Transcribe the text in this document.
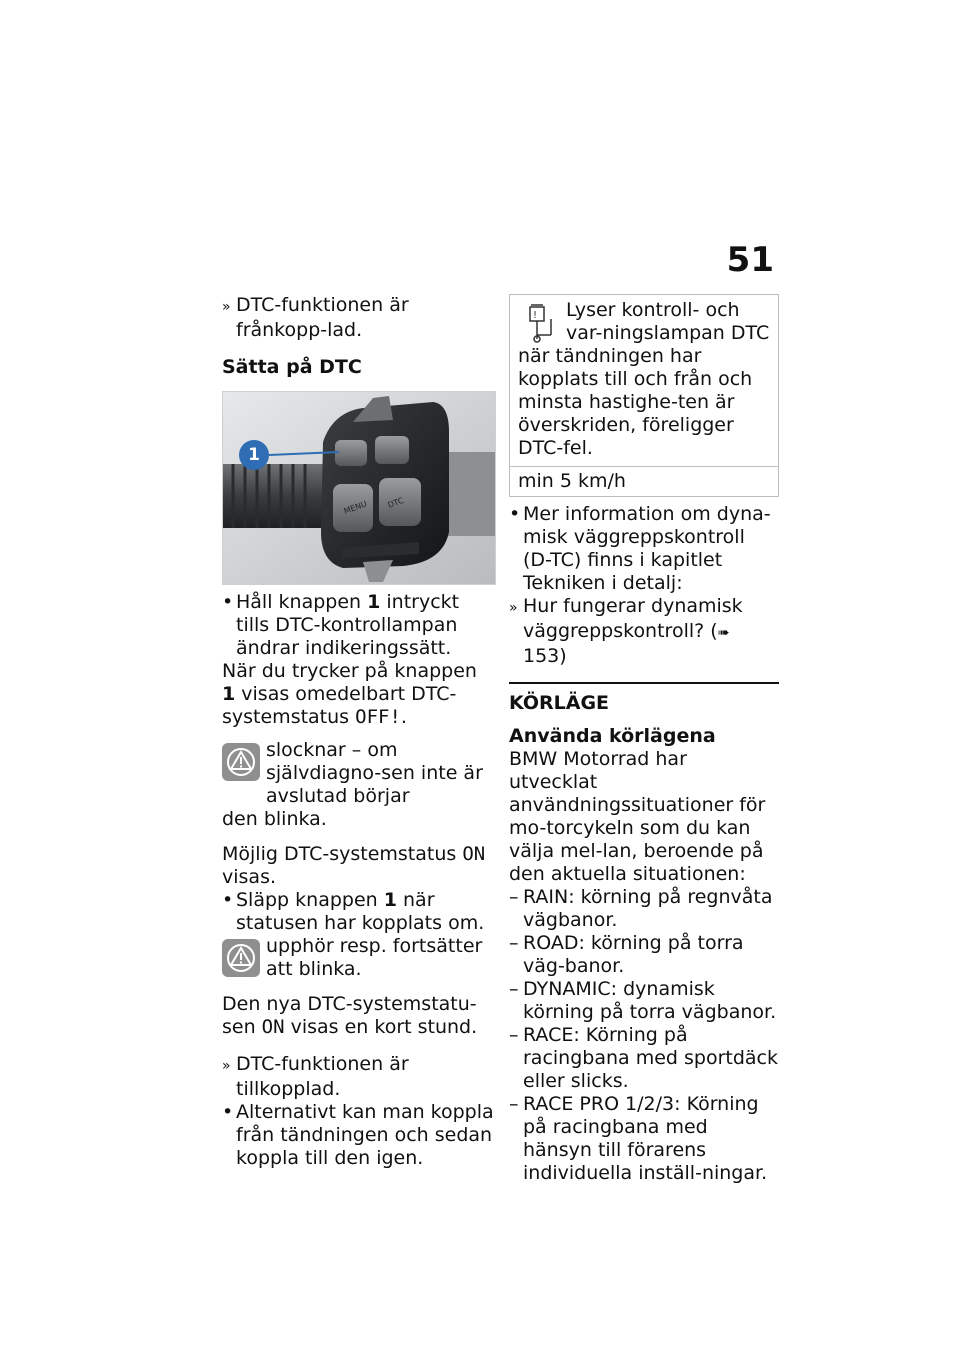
51

» DTC-funktionen är frånkopp-lad.

Sätta på DTC

MENU DTC
1

• Håll knappen 1 intryckt tills DTC-kontrollampan ändrar indikeringssätt.

När du trycker på knappen 1 visas omedelbart DTC-systemstatus OFF!.

slocknar – om självdiagno-sen inte är avslutad börjar

den blinka.

Möjlig DTC-systemstatus ON visas.

• Släpp knappen 1 när statusen har kopplats om.

upphör resp. fortsätter att blinka.

Den nya DTC-systemstatu-sen ON visas en kort stund.

» DTC-funktionen är tillkopplad.

• Alternativt kan man koppla från tändningen och sedan koppla till den igen.

! Lyser kontroll- och var-ningslampan DTC när tändningen har kopplats till och från och minsta hastighe-ten är överskriden, föreligger DTC-fel.
min 5 km/h

• Mer information om dyna-misk väggreppskontroll (D-TC) finns i kapitlet Tekniken i detalj:

» Hur fungerar dynamisk väggreppskontroll? (➠ 153)

KÖRLÄGE

Använda körlägena

BMW Motorrad har utvecklat användningssituationer för mo-torcykeln som du kan välja mel-lan, beroende på den aktuella situationen:

– RAIN: körning på regnvåta vägbanor.

– ROAD: körning på torra väg-banor.

– DYNAMIC: dynamisk körning på torra vägbanor.

– RACE: Körning på racingbana med sportdäck eller slicks.

– RACE PRO 1/2/3: Körning på racingbana med hänsyn till förarens individuella inställ-ningar.
